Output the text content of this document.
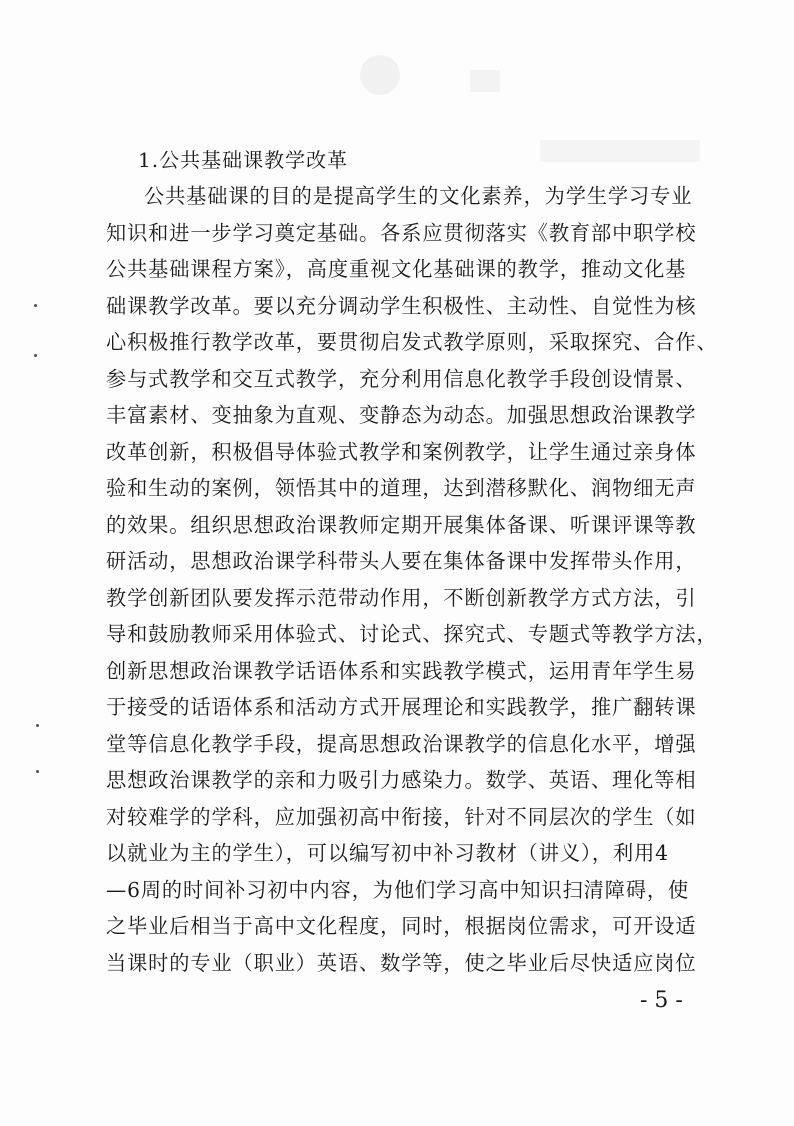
1.公共基础课教学改革
公共基础课的目的是提高学生的文化素养，为学生学习专业
知识和进一步学习奠定基础。各系应贯彻落实《教育部中职学校
公共基础课程方案》，高度重视文化基础课的教学，推动文化基
础课教学改革。要以充分调动学生积极性、主动性、自觉性为核
心积极推行教学改革，要贯彻启发式教学原则，采取探究、合作、
参与式教学和交互式教学，充分利用信息化教学手段创设情景、
丰富素材、变抽象为直观、变静态为动态。加强思想政治课教学
改革创新，积极倡导体验式教学和案例教学，让学生通过亲身体
验和生动的案例，领悟其中的道理，达到潜移默化、润物细无声
的效果。组织思想政治课教师定期开展集体备课、听课评课等教
研活动，思想政治课学科带头人要在集体备课中发挥带头作用，
教学创新团队要发挥示范带动作用，不断创新教学方式方法，引
导和鼓励教师采用体验式、讨论式、探究式、专题式等教学方法，
创新思想政治课教学话语体系和实践教学模式，运用青年学生易
于接受的话语体系和活动方式开展理论和实践教学，推广翻转课
堂等信息化教学手段，提高思想政治课教学的信息化水平，增强
思想政治课教学的亲和力吸引力感染力。数学、英语、理化等相
对较难学的学科，应加强初高中衔接，针对不同层次的学生（如
以就业为主的学生），可以编写初中补习教材（讲义），利用4
—6周的时间补习初中内容，为他们学习高中知识扫清障碍，使
之毕业后相当于高中文化程度，同时，根据岗位需求，可开设适
当课时的专业（职业）英语、数学等，使之毕业后尽快适应岗位
- 5 -
